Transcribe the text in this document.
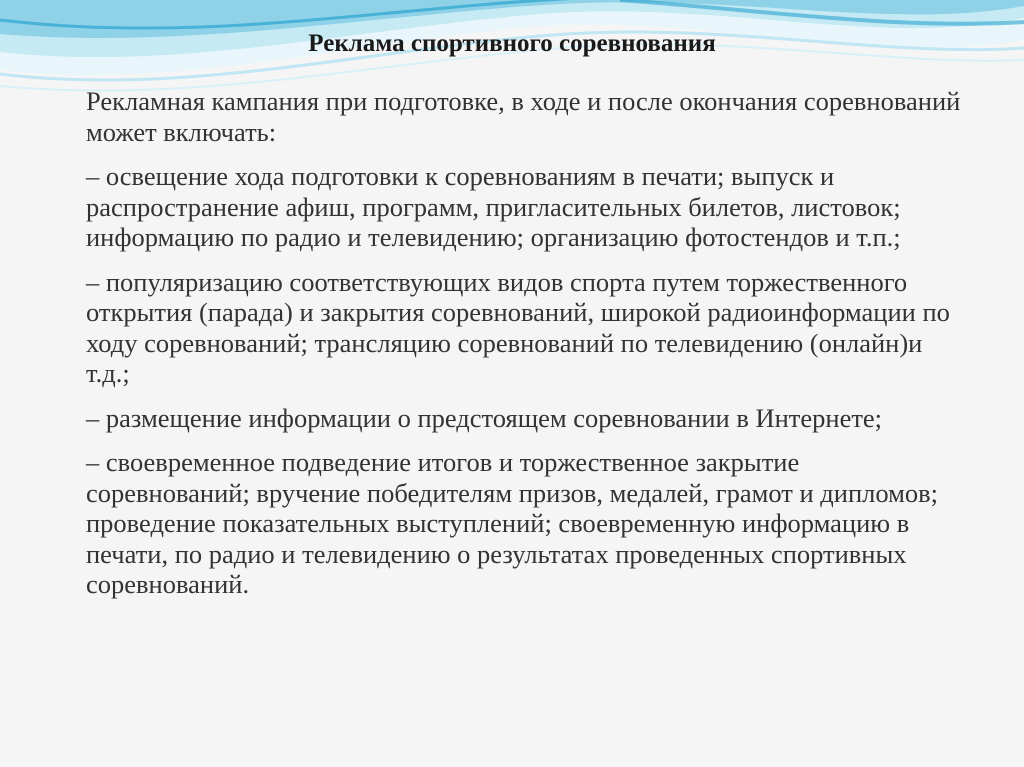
Реклама спортивного соревнования

Рекламная кампания при подготовке, в ходе и после окончания соревнований может включать:

– освещение хода подготовки к соревнованиям в печати; выпуск и распространение афиш, программ, пригласительных билетов, листовок; информацию по радио и телевидению; организацию фотостендов и т.п.;

– популяризацию соответствующих видов спорта путем торжественного открытия (парада) и закрытия соревнований, широкой радиоинформации по ходу соревнований; трансляцию соревнований по телевидению (онлайн)и т.д.;

– размещение информации о предстоящем соревновании в Интернете;

– своевременное подведение итогов и торжественное закрытие соревнований; вручение победителям призов, медалей, грамот и дипломов; проведение показательных выступлений; своевременную информацию в печати, по радио и телевидению о результатах проведенных спортивных соревнований.
